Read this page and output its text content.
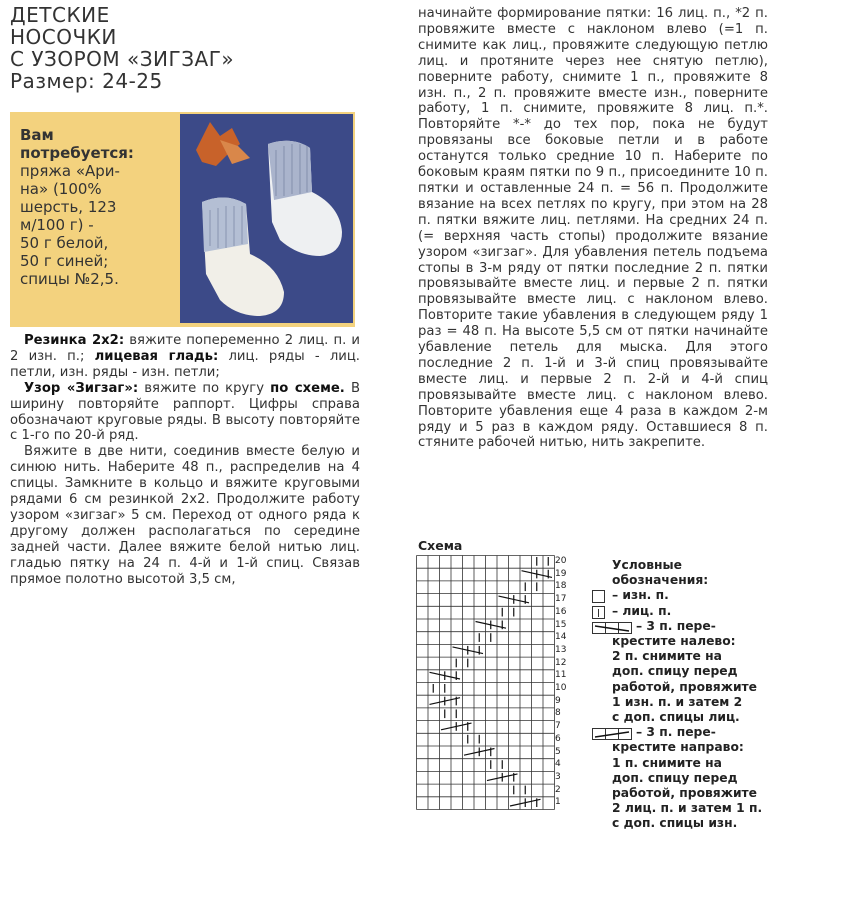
ДЕТСКИЕ
НОСОЧКИ
С УЗОРОМ «ЗИГЗАГ»
Размер: 24-25
Вам
потребуется:
пряжа «Ари-
на» (100%
шерсть, 123
м/100 г) -
50 г белой,
50 г синей;
спицы №2,5.

Резинка 2х2: вяжите попеременно 2 лиц. п. и 2 изн. п.; лицевая гладь: лиц. ряды - лиц. петли, изн. ряды - изн. петли;

Узор «Зигзаг»: вяжите по кругу по схеме. В ширину повторяйте раппорт. Цифры справа обозначают круговые ряды. В высоту повторяйте с 1-го по 20-й ряд.

Вяжите в две нити, соединив вместе белую и синюю нить. Наберите 48 п., распределив на 4 спицы. Замкните в кольцо и вяжите круговыми рядами 6 см резинкой 2х2. Продолжите работу узором «зигзаг» 5 см. Переход от одного ряда к другому должен располагаться по середине задней части. Далее вяжите белой нитью лиц. гладью пятку на 24 п. 4-й и 1-й спиц. Связав прямое полотно высотой 3,5 см,

начинайте формирование пятки: 16 лиц. п., *2 п. провяжите вместе с наклоном влево (=1 п. снимите как лиц., провяжите следующую петлю лиц. и протяните через нее снятую петлю), поверните работу, снимите 1 п., провяжите 8 изн. п., 2 п. провяжите вместе изн., поверните работу, 1 п. снимите, провяжите 8 лиц. п.*. Повторяйте *-* до тех пор, пока не будут провязаны все боковые петли и в работе останутся только средние 10 п. Наберите по боковым краям пятки по 9 п., присоедините 10 п. пятки и оставленные 24 п. = 56 п. Продолжите вязание на всех петлях по кругу, при этом на 28 п. пятки вяжите лиц. петлями. На средних 24 п. (= верхняя часть стопы) продолжите вязание узором «зигзаг». Для убавления петель подъема стопы в 3-м ряду от пятки последние 2 п. пятки провязывайте вместе лиц. и первые 2 п. пятки провязывайте вместе лиц. с наклоном влево. Повторите такие убавления в следующем ряду 1 раз = 48 п. На высоте 5,5 см от пятки начинайте убавление петель для мыска. Для этого последние 2 п. 1-й и 3-й спиц провязывайте вместе лиц. и первые 2 п. 2-й и 4-й спиц провязывайте вместе лиц. с наклоном влево. Повторите убавления еще 4 раза в каждом 2-м ряду и 5 раз в каждом ряду. Оставшиеся 8 п. стяните рабочей нитью, нить закрепите.

Схема
20
19
18
17
16
15
14
13
12
11
10
9
8
7
6
5
4
3
2
1
Условные
обозначения:
– изн. п.
– лиц. п.
– 3 п. пере-
крестите налево:
2 п. снимите на
доп. спицу перед
работой, провяжите
1 изн. п. и затем 2
с доп. спицы лиц.
– 3 п. пере-
крестите направо:
1 п. снимите на
доп. спицу перед
работой, провяжите
2 лиц. п. и затем 1 п.
с доп. спицы изн.
